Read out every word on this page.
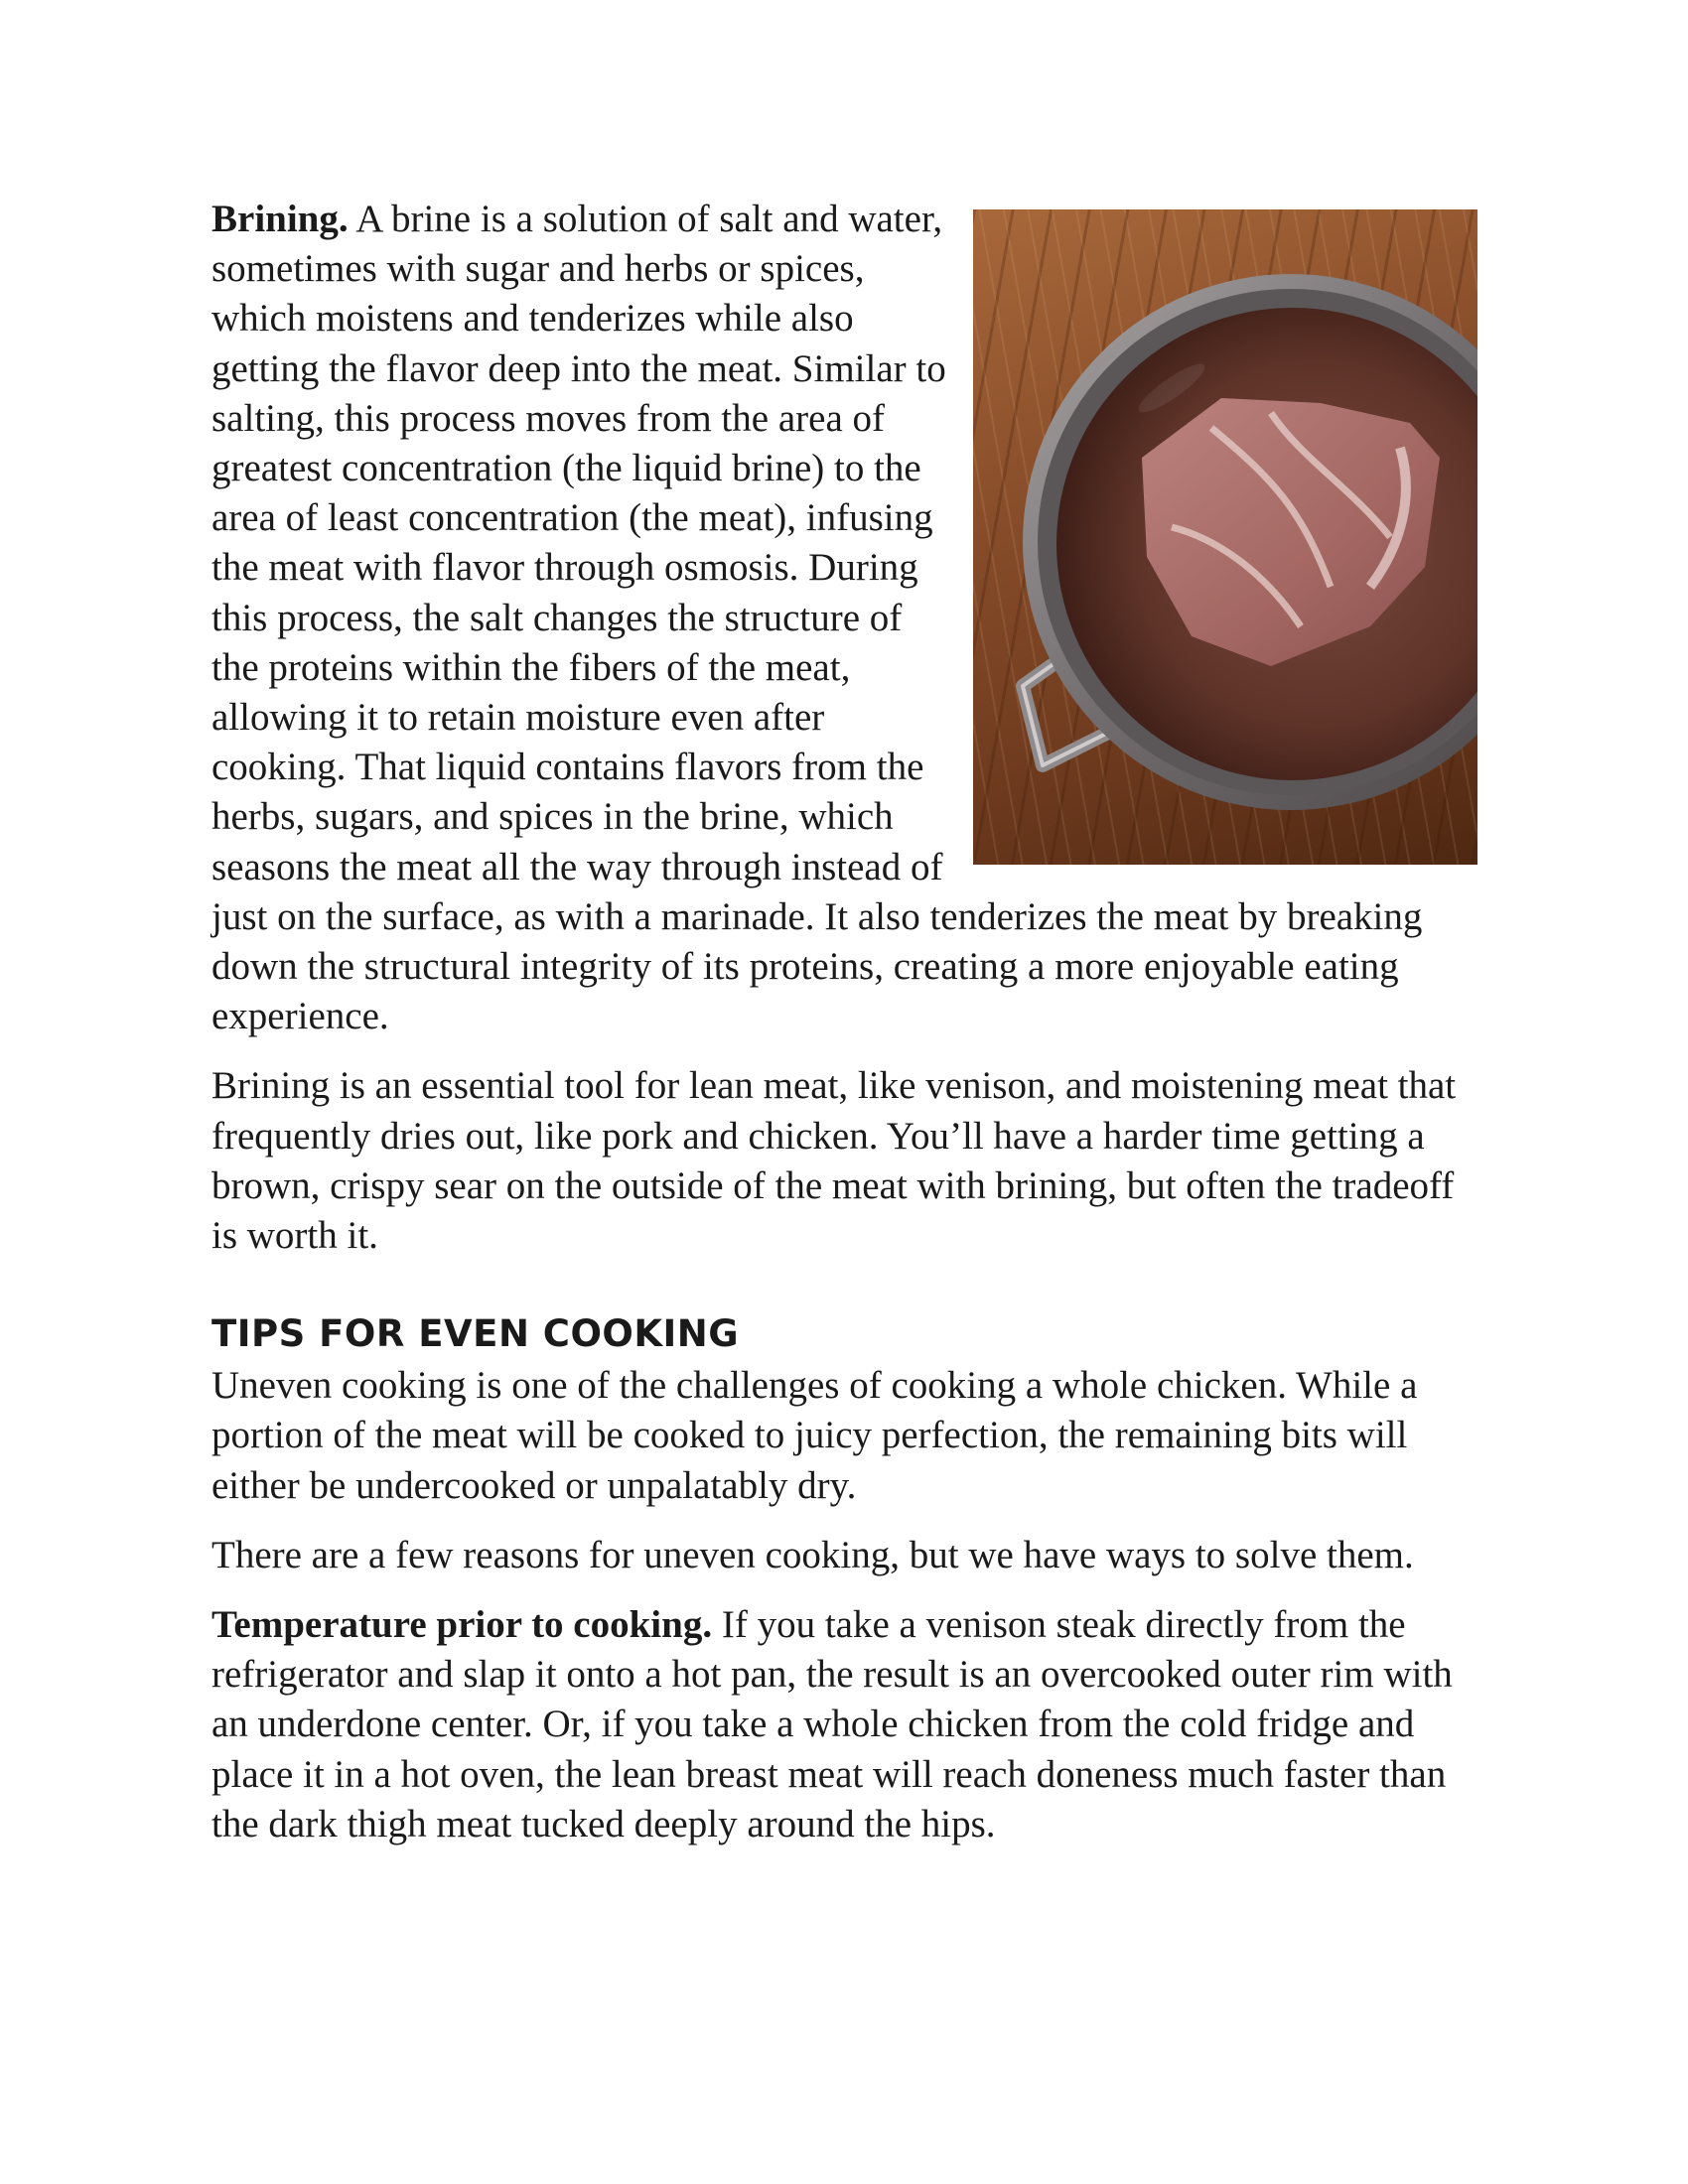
Brining. A brine is a solution of salt and water, sometimes with sugar and herbs or spices, which moistens and tenderizes while also getting the flavor deep into the meat. Similar to salting, this process moves from the area of greatest concentration (the liquid brine) to the area of least concentration (the meat), infusing the meat with flavor through osmosis. During this process, the salt changes the structure of the proteins within the fibers of the meat, allowing it to retain moisture even after cooking. That liquid contains flavors from the herbs, sugars, and spices in the brine, which seasons the meat all the way through instead of just on the surface, as with a marinade. It also tenderizes the meat by breaking down the structural integrity of its proteins, creating a more enjoyable eating experience.

Brining is an essential tool for lean meat, like venison, and moistening meat that frequently dries out, like pork and chicken. You’ll have a harder time getting a brown, crispy sear on the outside of the meat with brining, but often the tradeoff is worth it.

TIPS FOR EVEN COOKING

Uneven cooking is one of the challenges of cooking a whole chicken. While a portion of the meat will be cooked to juicy perfection, the remaining bits will either be undercooked or unpalatably dry.

There are a few reasons for uneven cooking, but we have ways to solve them.

Temperature prior to cooking. If you take a venison steak directly from the refrigerator and slap it onto a hot pan, the result is an overcooked outer rim with an underdone center. Or, if you take a whole chicken from the cold fridge and place it in a hot oven, the lean breast meat will reach doneness much faster than the dark thigh meat tucked deeply around the hips.
